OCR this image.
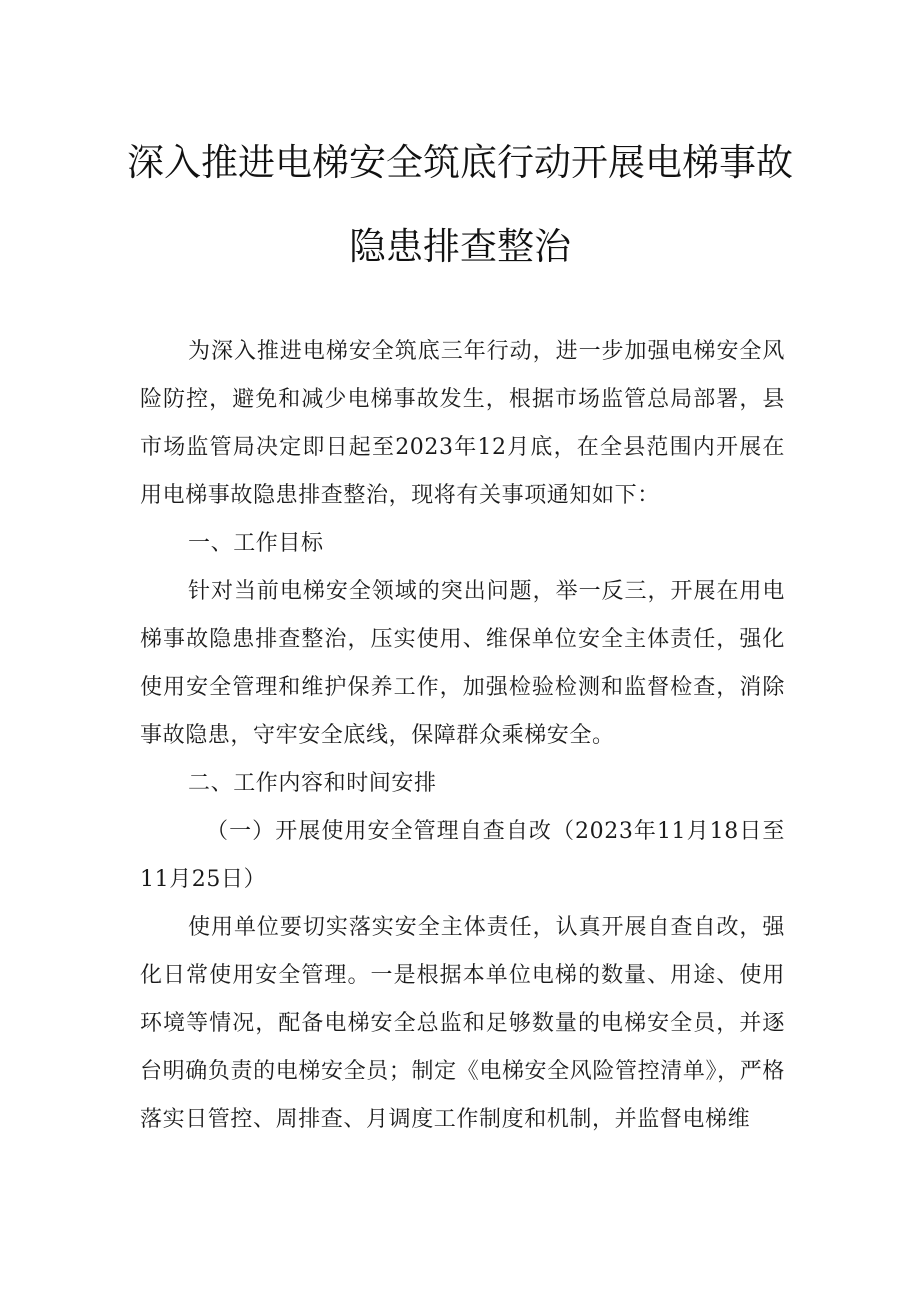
深入推进电梯安全筑底行动开展电梯事故
隐患排查整治

为深入推进电梯安全筑底三年行动，进一步加强电梯安全风险防控，避免和减少电梯事故发生，根据市场监管总局部署，县市场监管局决定即日起至2023年12月底，在全县范围内开展在用电梯事故隐患排查整治，现将有关事项通知如下：

一、工作目标

针对当前电梯安全领域的突出问题，举一反三，开展在用电梯事故隐患排查整治，压实使用、维保单位安全主体责任，强化使用安全管理和维护保养工作，加强检验检测和监督检查，消除事故隐患，守牢安全底线，保障群众乘梯安全。

二、工作内容和时间安排

（一）开展使用安全管理自查自改（2023年11月18日至11月25日）

使用单位要切实落实安全主体责任，认真开展自查自改，强化日常使用安全管理。一是根据本单位电梯的数量、用途、使用环境等情况，配备电梯安全总监和足够数量的电梯安全员，并逐台明确负责的电梯安全员；制定《电梯安全风险管控清单》，严格落实日管控、周排查、月调度工作制度和机制，并监督电梯维
